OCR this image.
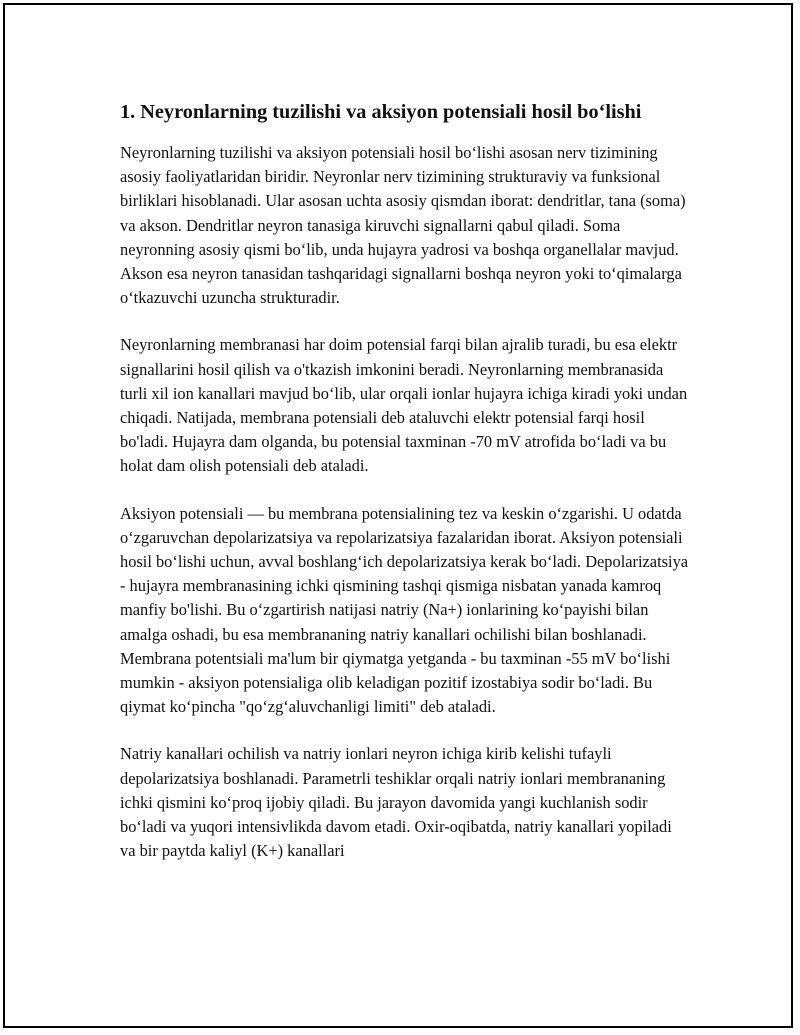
1. Neyronlarning tuzilishi va aksiyon potensiali hosil bo‘lishi

Neyronlarning tuzilishi va aksiyon potensiali hosil bo‘lishi asosan nerv tizimining asosiy faoliyatlaridan biridir. Neyronlar nerv tizimining strukturaviy va funksional birliklari hisoblanadi. Ular asosan uchta asosiy qismdan iborat: dendritlar, tana (soma) va akson. Dendritlar neyron tanasiga kiruvchi signallarni qabul qiladi. Soma neyronning asosiy qismi bo‘lib, unda hujayra yadrosi va boshqa organellalar mavjud. Akson esa neyron tanasidan tashqaridagi signallarni boshqa neyron yoki to‘qimalarga o‘tkazuvchi uzuncha strukturadir.

Neyronlarning membranasi har doim potensial farqi bilan ajralib turadi, bu esa elektr signallarini hosil qilish va o'tkazish imkonini beradi. Neyronlarning membranasida turli xil ion kanallari mavjud bo‘lib, ular orqali ionlar hujayra ichiga kiradi yoki undan chiqadi. Natijada, membrana potensiali deb ataluvchi elektr potensial farqi hosil bo'ladi. Hujayra dam olganda, bu potensial taxminan -70 mV atrofida bo‘ladi va bu holat dam olish potensiali deb ataladi.

Aksiyon potensiali — bu membrana potensialining tez va keskin o‘zgarishi. U odatda o‘zgaruvchan depolarizatsiya va repolarizatsiya fazalaridan iborat. Aksiyon potensiali hosil bo‘lishi uchun, avval boshlang‘ich depolarizatsiya kerak bo‘ladi. Depolarizatsiya - hujayra membranasining ichki qismining tashqi qismiga nisbatan yanada kamroq manfiy bo'lishi. Bu o‘zgartirish natijasi natriy (Na+) ionlarining ko‘payishi bilan amalga oshadi, bu esa membrananing natriy kanallari ochilishi bilan boshlanadi. Membrana potentsiali ma'lum bir qiymatga yetganda - bu taxminan -55 mV bo‘lishi mumkin - aksiyon potensialiga olib keladigan pozitif izostabiya sodir bo‘ladi. Bu qiymat ko‘pincha "qo‘zg‘aluvchanligi limiti" deb ataladi.

Natriy kanallari ochilish va natriy ionlari neyron ichiga kirib kelishi tufayli depolarizatsiya boshlanadi. Parametrli teshiklar orqali natriy ionlari membrananing ichki qismini ko‘proq ijobiy qiladi. Bu jarayon davomida yangi kuchlanish sodir bo‘ladi va yuqori intensivlikda davom etadi. Oxir-oqibatda, natriy kanallari yopiladi va bir paytda kaliyl (K+) kanallari
